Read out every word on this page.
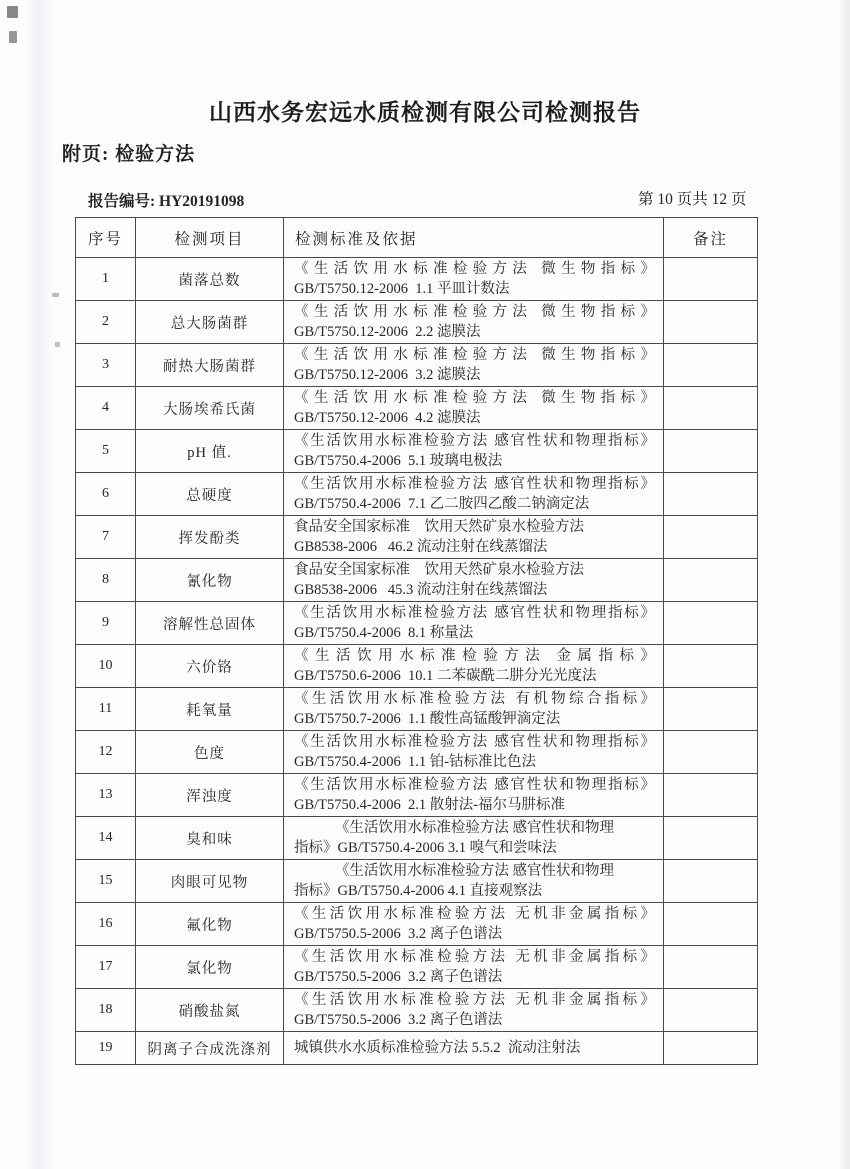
山西水务宏远水质检测有限公司检测报告
附页: 检验方法
报告编号: HY20191098	第 10 页共 12 页
序号	检测项目	检测标准及依据	备注
1	菌落总数	《生活饮用水标准检验方法 微生物指标》
GB/T5750.12-2006  1.1 平皿计数法	

2	总大肠菌群	《生活饮用水标准检验方法 微生物指标》
GB/T5750.12-2006  2.2 滤膜法	

3	耐热大肠菌群	《生活饮用水标准检验方法 微生物指标》
GB/T5750.12-2006  3.2 滤膜法	

4	大肠埃希氏菌	《生活饮用水标准检验方法 微生物指标》
GB/T5750.12-2006  4.2 滤膜法	

5	pH 值.	《生活饮用水标准检验方法 感官性状和物理指标》
GB/T5750.4-2006  5.1 玻璃电极法	

6	总硬度	《生活饮用水标准检验方法 感官性状和物理指标》
GB/T5750.4-2006  7.1 乙二胺四乙酸二钠滴定法	

7	挥发酚类	食品安全国家标准　饮用天然矿泉水检验方法
GB8538-2006   46.2 流动注射在线蒸馏法	

8	氰化物	食品安全国家标准　饮用天然矿泉水检验方法
GB8538-2006   45.3 流动注射在线蒸馏法	

9	溶解性总固体	《生活饮用水标准检验方法 感官性状和物理指标》
GB/T5750.4-2006  8.1 称量法	

10	六价铬	《生活饮用水标准检验方法 金属指标》
GB/T5750.6-2006  10.1 二苯碳酰二肼分光光度法	

11	耗氧量	《生活饮用水标准检验方法 有机物综合指标》
GB/T5750.7-2006  1.1 酸性高锰酸钾滴定法	

12	色度	《生活饮用水标准检验方法 感官性状和物理指标》
GB/T5750.4-2006  1.1 铂-钴标准比色法	

13	浑浊度	《生活饮用水标准检验方法 感官性状和物理指标》
GB/T5750.4-2006  2.1 散射法-福尔马肼标准	

14	臭和味	《生活饮用水标准检验方法 感官性状和物理
指标》GB/T5750.4-2006 3.1 嗅气和尝味法	

15	肉眼可见物	《生活饮用水标准检验方法 感官性状和物理
指标》GB/T5750.4-2006 4.1 直接观察法	

16	氟化物	《生活饮用水标准检验方法 无机非金属指标》
GB/T5750.5-2006  3.2 离子色谱法	

17	氯化物	《生活饮用水标准检验方法 无机非金属指标》
GB/T5750.5-2006  3.2 离子色谱法	

18	硝酸盐氮	《生活饮用水标准检验方法 无机非金属指标》
GB/T5750.5-2006  3.2 离子色谱法	

19	阴离子合成洗涤剂	城镇供水水质标准检验方法 5.5.2  流动注射法	
